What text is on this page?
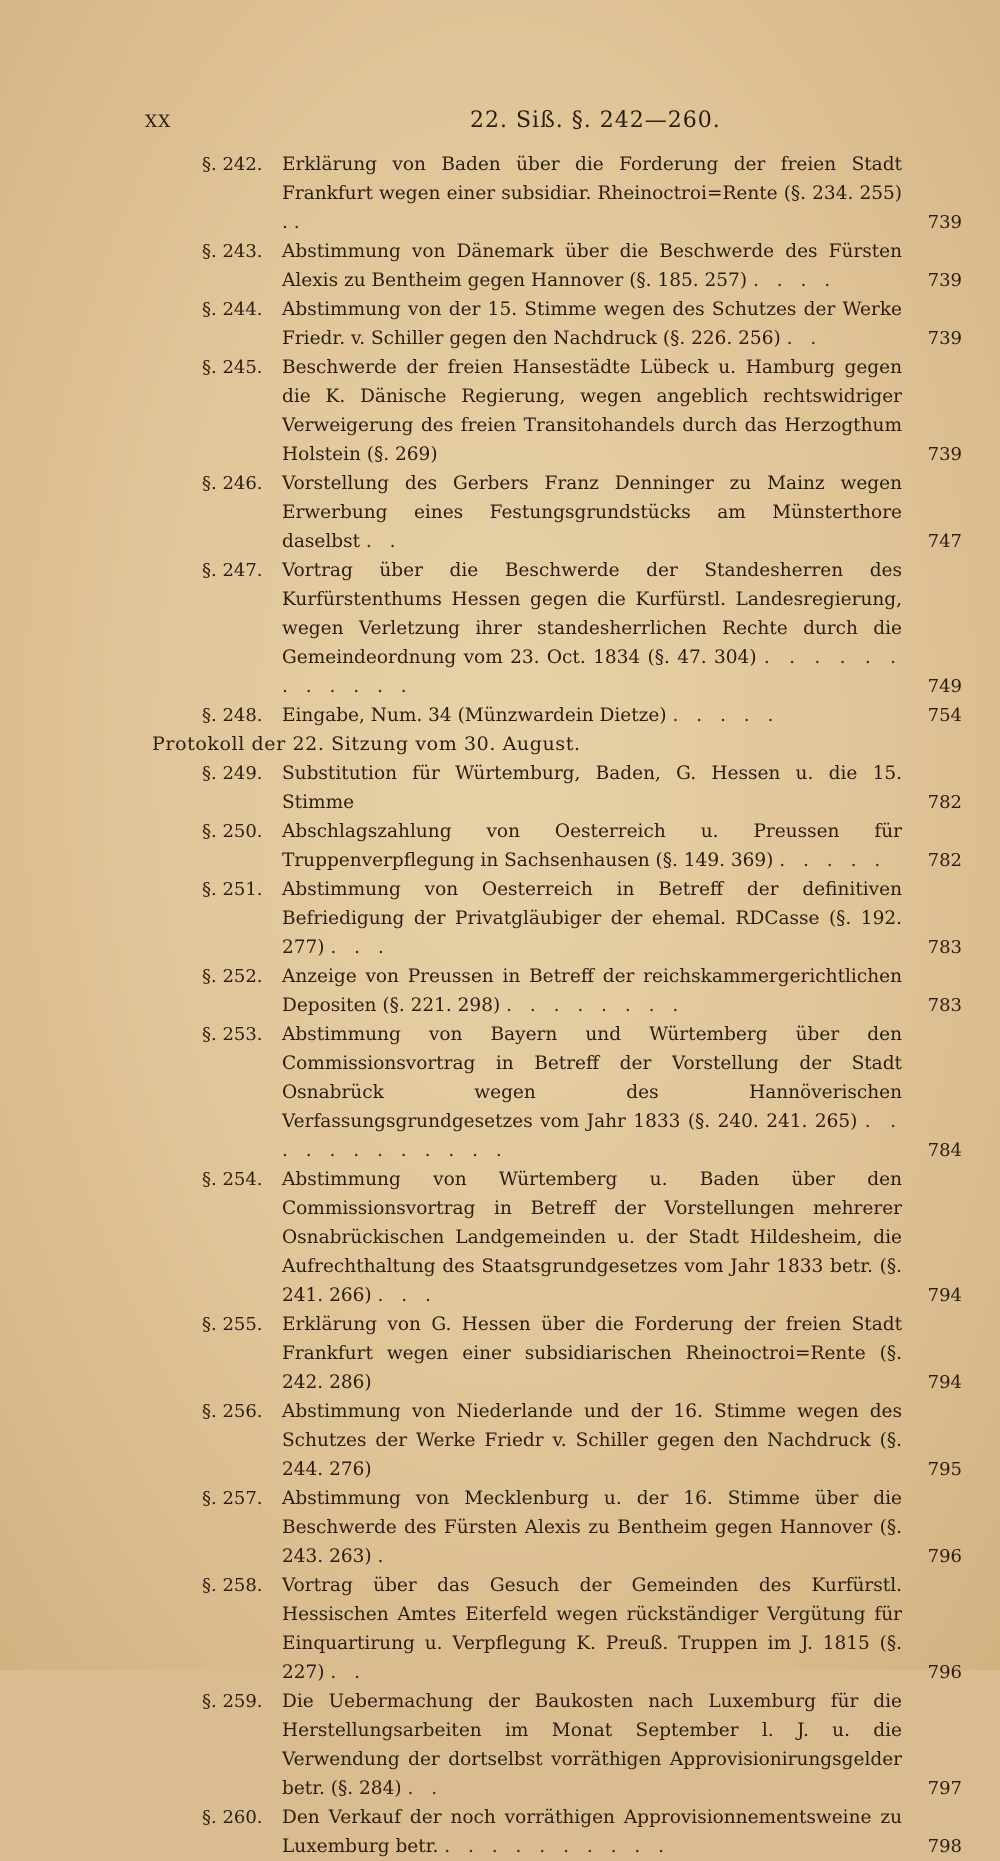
XX	22. Siß. §. 242—260.
§. 242. Erklärung von Baden über die Forderung der freien Stadt Frankfurt wegen einer subsidiar. Rheinoctroi=Rente (§. 234. 255) . .	739
§. 243. Abstimmung von Dänemark über die Beschwerde des Fürsten Alexis zu Bentheim gegen Hannover (§. 185. 257) . . . .	739
§. 244. Abstimmung von der 15. Stimme wegen des Schutzes der Werke Friedr. v. Schiller gegen den Nachdruck (§. 226. 256) . .	739
§. 245. Beschwerde der freien Hansestädte Lübeck u. Hamburg gegen die K. Dänische Regierung, wegen angeblich rechtswidriger Verweigerung des freien Transitohandels durch das Herzogthum Holstein (§. 269)	739
§. 246. Vorstellung des Gerbers Franz Denninger zu Mainz wegen Erwerbung eines Festungsgrundstücks am Münsterthore daselbst . .	747
§. 247. Vortrag über die Beschwerde der Standesherren des Kurfürstenthums Hessen gegen die Kurfürstl. Landesregierung, wegen Verletzung ihrer standesherrlichen Rechte durch die Gemeindeordnung vom 23. Oct. 1834 (§. 47. 304) . . . . . . . . . . . .	749
§. 248. Eingabe, Num. 34 (Münzwardein Dietze) . . . . .	754
Protokoll der 22. Sitzung vom 30. August.
§. 249. Substitution für Würtemburg, Baden, G. Hessen u. die 15. Stimme	782
§. 250. Abschlagszahlung von Oesterreich u. Preussen für Truppenverpflegung in Sachsenhausen (§. 149. 369) . . . . .	782
§. 251. Abstimmung von Oesterreich in Betreff der definitiven Befriedigung der Privatgläubiger der ehemal. RDCasse (§. 192. 277) . . .	783
§. 252. Anzeige von Preussen in Betreff der reichskammergerichtlichen Depositen (§. 221. 298) . . . . . . . .	783
§. 253. Abstimmung von Bayern und Würtemberg über den Commissionsvortrag in Betreff der Vorstellung der Stadt Osnabrück wegen des Hannöverischen Verfassungsgrundgesetzes vom Jahr 1833 (§. 240. 241. 265) . . . . . . . . . . . .	784
§. 254. Abstimmung von Würtemberg u. Baden über den Commissionsvortrag in Betreff der Vorstellungen mehrerer Osnabrückischen Landgemeinden u. der Stadt Hildesheim, die Aufrechthaltung des Staatsgrundgesetzes vom Jahr 1833 betr. (§. 241. 266) . . .	794
§. 255. Erklärung von G. Hessen über die Forderung der freien Stadt Frankfurt wegen einer subsidiarischen Rheinoctroi=Rente (§. 242. 286)	794
§. 256. Abstimmung von Niederlande und der 16. Stimme wegen des Schutzes der Werke Friedr v. Schiller gegen den Nachdruck (§. 244. 276)	795
§. 257. Abstimmung von Mecklenburg u. der 16. Stimme über die Beschwerde des Fürsten Alexis zu Bentheim gegen Hannover (§. 243. 263) .	796
§. 258. Vortrag über das Gesuch der Gemeinden des Kurfürstl. Hessischen Amtes Eiterfeld wegen rückständiger Vergütung für Einquartirung u. Verpflegung K. Preuß. Truppen im J. 1815 (§. 227) . .	796
§. 259. Die Uebermachung der Baukosten nach Luxemburg für die Herstellungsarbeiten im Monat September l. J. u. die Verwendung der dortselbst vorräthigen Approvisionirungsgelder betr. (§. 284) . .	797
§. 260. Den Verkauf der noch vorräthigen Approvisionnementsweine zu Luxemburg betr. . . . . . . . . . .	798
